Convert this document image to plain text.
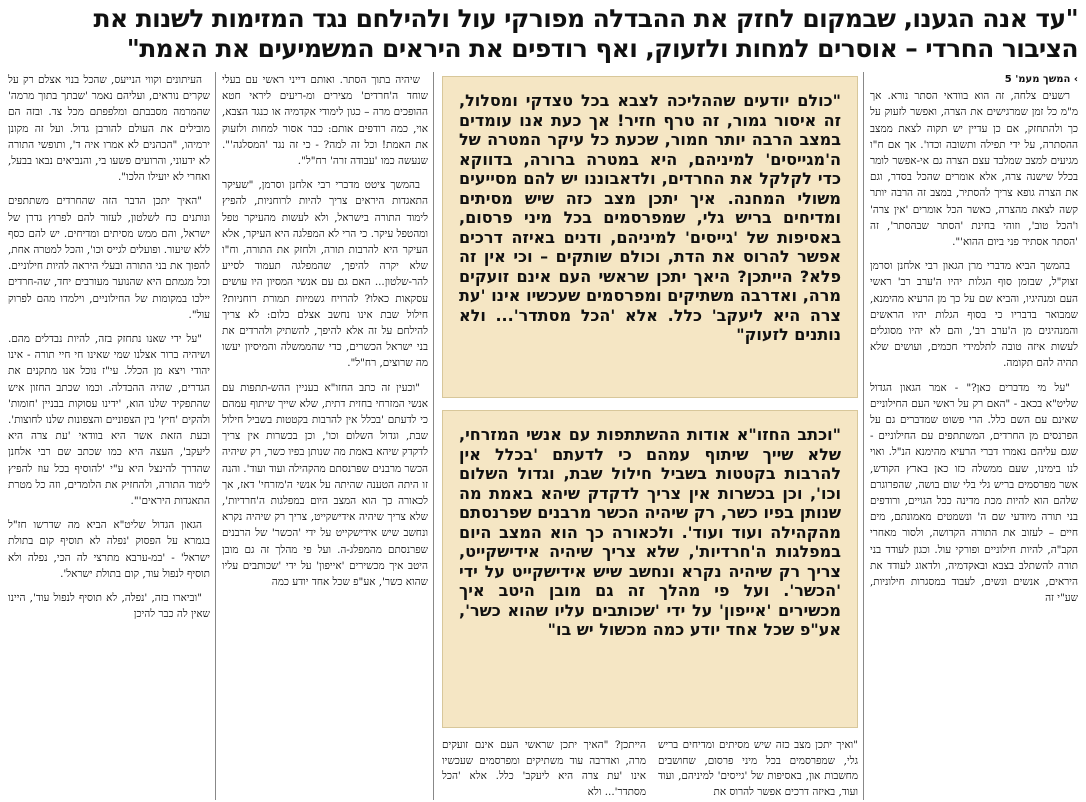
"עד אנה הגענו, שבמקום לחזק את ההבדלה מפורקי עול ולהילחם נגד המזימות לשנות את
הציבור החרדי – אוסרים למחות ולזעוק, ואף רודפים את היראים המשמיעים את האמת"

› המשך מעמ' 5

רשעים צלחה, זה הוא בוודאי הסתר נורא. אך מ"מ כל זמן שמרגישים את הצרה, ואפשר לזעוק על כך ולהתחזק, אם כן עדיין יש תקוה לצאת ממצב ההסתרה, על ידי תפילה ותשובה וכדו'. אך אם ח"ו מגיעים למצב שמלבד עצם הצרה גם אי-אפשר לומר בכלל שישנה צרה, אלא אומרים שהכל בסדר, וגם את הצרה גופא צריך להסתיר, במצב זה הרבה יותר קשה לצאת מהצרה, כאשר הכל אומרים 'אין צרה' ו'הכל טוב', וזוהי בחינת 'הסתר שבהסתר', זה 'הסתר אסתיר פני ביום ההוא'".

בהמשך הביא מדברי מרן הגאון רבי אלחנן וסרמן זצוק"ל, שבזמן סוף הגלות יהיו ה'ערב רב' ראשי העם ומנהיגיו, והביא שם על כך מן הרעיא מהימנא, שמבואר בדבריו כי בסוף הגלות יהיו הראשים והמנהיגים מן ה'ערב רב', והם לא יהיו מסוגלים לעשות איזה טובה לתלמידי חכמים, ועושים שלא תהיה להם תקומה.

"על מי מדברים כאן?" - אמר הגאון הגדול שליט"א בכאב - "האם רק על ראשי העם החילוניים שאינם עם השם כלל. הרי פשוט שמדברים גם על הפרנסים מן החרדים, המשתתפים עם החילוניים - שגם עליהם נאמרו דברי הרעיא מהימנא הנ"ל. ואוי לנו בימינו, שעם ממשלה כזו כאן בארץ הקודש, אשר מפרסמים בריש גלי בלי שום בושה, שהפרוגרם שלהם הוא להיות מכת מדינה ככל הגויים, ורודפים בני תורה מיודעי שם ה' ונשמטים מאמונתם, מים חיים – לעזוב את התורה הקדושה, ולסור מאחרי הקב"ה, להיות חילוניים ופורקי עול. וכגון לעודד בני תורה להשתלב בצבא ובאקדמיה, ולדאוג לעודד את היראים, אנשים ונשים, לעבוד במסגרות חילוניות, שע"י זה

"כולם יודעים שההליכה לצבא בכל טצדקי ומסלול, זה איסור גמור, זה טרף חזיר! אך כעת אנו עומדים במצב הרבה יותר חמור, שכעת כל עיקר המטרה של ה'מגייסים' למיניהם, היא במטרה ברורה, בדווקא כדי לקלקל את החרדים, ולדאבוננו יש להם מסייעים משולי המחנה. איך יתכן מצב כזה שיש מסיתים ומדיחים בריש גלי, שמפרסמים בכל מיני פרסום, באסיפות של 'גייסים' למיניהם, ודנים באיזה דרכים אפשר להרוס את הדת, וכולם שותקים – וכי אין זה פלא? הייתכן? היאך יתכן שראשי העם אינם זועקים מרה, ואדרבה משתיקים ומפרסמים שעכשיו אינו 'עת צרה היא ליעקב' כלל. אלא 'הכל מסתדר'... ולא נותנים לזעוק"

"וכתב החזו"א אודות ההשתתפות עם אנשי המזרחי, שלא שייך שיתוף עמהם כי לדעתם 'בכלל אין להרבות בקטטות בשביל חילול שבת, וגדול השלום וכו', וכן בכשרות אין צריך לדקדק שיהא באמת מה שנותן בפיו כשר, רק שיהיה הכשר מרבנים שפרנסתם מהקהילה ועוד ועוד'. ולכאורה כך הוא המצב היום במפלגות ה'חרדיות', שלא צריך שיהיה אידישקייט, צריך רק שיהיה נקרא ונחשב שיש אידישקייט על ידי 'הכשר'. ועל פי מהלך זה גם מובן היטב איך מכשירים 'אייפון' על ידי 'שכותבים עליו שהוא כשר', אע"פ שכל אחד יודע כמה מכשול יש בו"

"ואיך יתכן מצב כזה שיש מסיתים ומדיחים בריש גלי, שמפרסמים בכל מיני פרסום, שחושבים מחשבות און, באסיפות של 'גייסים' למיניהם, ועוד ועוד, באיזה דרכים אפשר להרוס את

הייתכן? "האיך יתכן שראשי העם אינם זועקים מרה, ואדרבה עוד משתיקים ומפרסמים שעכשיו אינו 'עת צרה היא ליעקב' כלל. אלא 'הכל מסתדר'... ולא

שיהיה בתוך הסתר. ואותם דייני ראשי עם בעלי שוחד ה'חרדים' מצירים ומ-ריעים ליראי חטא ההופכים מרה – כגון לימודי אקדמיה או כנגד הצבא, אוי, כמה רודפים אותם: כבר אסור למחות ולזעוק את האמת! וכל זה למה? - כי זה נגד 'המסלגה'". שנעשה כמו 'עבודה זרה' רח"ל".

בהמשך ציטט מדברי רבי אלחנן וסרמן, "שעיקר התאגדות היראים צריך להיות לרוחניות, להפיץ לימוד התורה בישראל, ולא לעשות מהעיקר טפל ומהטפל עיקר. כי הרי לא המפלגה היא העיקר, אלא העיקר היא להרבות תורה, ולחזק את התורה, וח"ו שלא יקרה להיפך, שהמפלגה תעמוד לסייע להר-שלטון... האם גם עם אנשי המסיון היו עושים עסקאות כאלו? להרויח גשמיות תמורת רוחניות? חילול שבת אינו נחשב אצלם כלום: לא צריך להילחם על זה אלא להיפך, להשתיק ולהרדים את בני ישראל הכשרים, כדי שהממשלה והמיסיון יעשו מה שרוצים, רח"ל".

"וכעין זה כתב החזו"א בעניין ההש-תתפות עם אנשי המזרחי בחזית דתית, שלא שייך שיתוף עמהם כי לדעתם 'בכלל אין להרבות בקטטות בשביל חילול שבת, וגדול השלום וכו', וכן בכשרות אין צריך לדקדק שיהא באמת מה שנותן בפיו כשר, רק שיהיה הכשר מרבנים שפרנסתם מהקהילה ועוד ועוד'. והנה זו היתה הטענה שהיתה על אנשי ה'מזרחי' דאז, אך לכאורה כך הוא המצב היום במפלגות ה'חרדיות', שלא צריך שיהיה אידישקייט, צריך רק שיהיה נקרא ונחשב שיש אידישקייט על ידי 'הכשר' של הרבנים שפרנסתם מהמפלג-ה. ועל פי מהלך זה גם מובן היטב איך מכשירים 'אייפון' על ידי 'שכותבים עליו שהוא כשר', אע"פ שכל אחד יודע כמה

העיתונים וקווי הנייעס, שהכל בנוי אצלם רק על שקרים נוראים, ועליהם נאמר 'שבתך בתוך מרמה' שהמרמה מסבבתם ומלפפתם מכל צד. ובזה הם מובילים את העולם להורבן גדול. ועל זה מקונן ירמיהו, "הכהנים לא אמרו איה ד', ותופשי התורה לא ידעוני, והרועים פשעו בי, והנביאים נבאו בבעל, ואחרי לא יועילו הלכו".

"האיך יתכן הדבר הזה שהחרדים משתתפים ונותנים כח לשלטון, לעזור להם לפרוץ גדרן של ישראל, והם ממש מסיתים ומדיחים. יש להם כסף ללא שיעור. ופועלים לגייס וכו', והכל למטרה אחת, להפוך את בני התורה ובעלי היראה להיות חילוניים. וכל מגמתם היא שהנוער מעורבים יחד, שה-חרדים יילכו במקומות של החילוניים, וילמדו מהם לפרוק עול".

"על ידי שאנו נתחזק בזה, להיות נבדלים מהם. ושיהיה ברור אצלנו שמי שאינו חי חיי תורה - אינו יהודי ויצא מן הכלל. עי"ז נוכל אנו מתקנים את הגדרים, שהיה ההבדלה. וכמו שכתב החזון איש שהתפקיד שלנו הוא, 'ידינו עסוקות בבניין 'חומות' ולהקים 'חיץ' בין הצפוניים והצפונות שלנו לחוצות'. ובעת הזאת אשר היא בוודאי 'עת צרה היא ליעקב', העצה היא כמו שכתב שם רבי אלחנן שהדרך להינצל היא ע"י 'להוסיף בכל עוז להפיץ לימוד התורה, ולהחזיק את הלומדים, וזה כל מטרת התאגדות היראים'".

הגאון הגדול שליט"א הביא מה שדרשו חז"ל בגמרא על הפסוק 'נפלה לא תוסיף קום בתולת ישראל' - 'במ-ערבא מתרצי לה הכי, נפלה ולא תוסיף לנפול עוד, קום בתולת ישראל'.

"וביארו בזה, 'נפלה, לא תוסיף לנפול עוד', היינו שאין לה כבר להיכן
